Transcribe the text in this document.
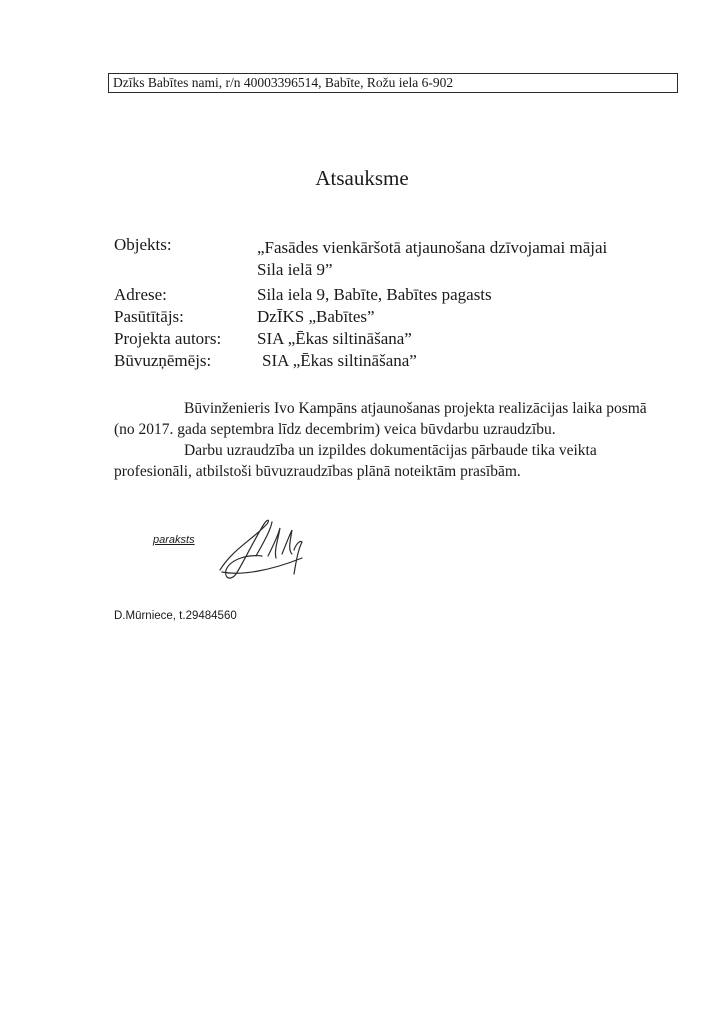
Dzīks Babītes nami, r/n 40003396514, Babīte, Rožu iela 6-902
Atsauksme
Objekts:	„Fasādes vienkāršotā atjaunošana dzīvojamai mājai
Sila ielā 9”
Adrese:	Sila iela 9, Babīte, Babītes pagasts
Pasūtītājs:	DzĪKS „Babītes”
Projekta autors: SIA „Ēkas siltināšana”
Būvuzņēmējs:	SIA „Ēkas siltināšana”
Būvinženieris Ivo Kampāns atjaunošanas projekta realizācijas laika posmā
(no 2017. gada septembra līdz decembrim) veica būvdarbu uzraudzību.
Darbu uzraudzība un izpildes dokumentācijas pārbaude tika veikta
profesionāli, atbilstoši būvuzraudzības plānā noteiktām prasībām.
paraksts
D.Mūrniece, t.29484560
